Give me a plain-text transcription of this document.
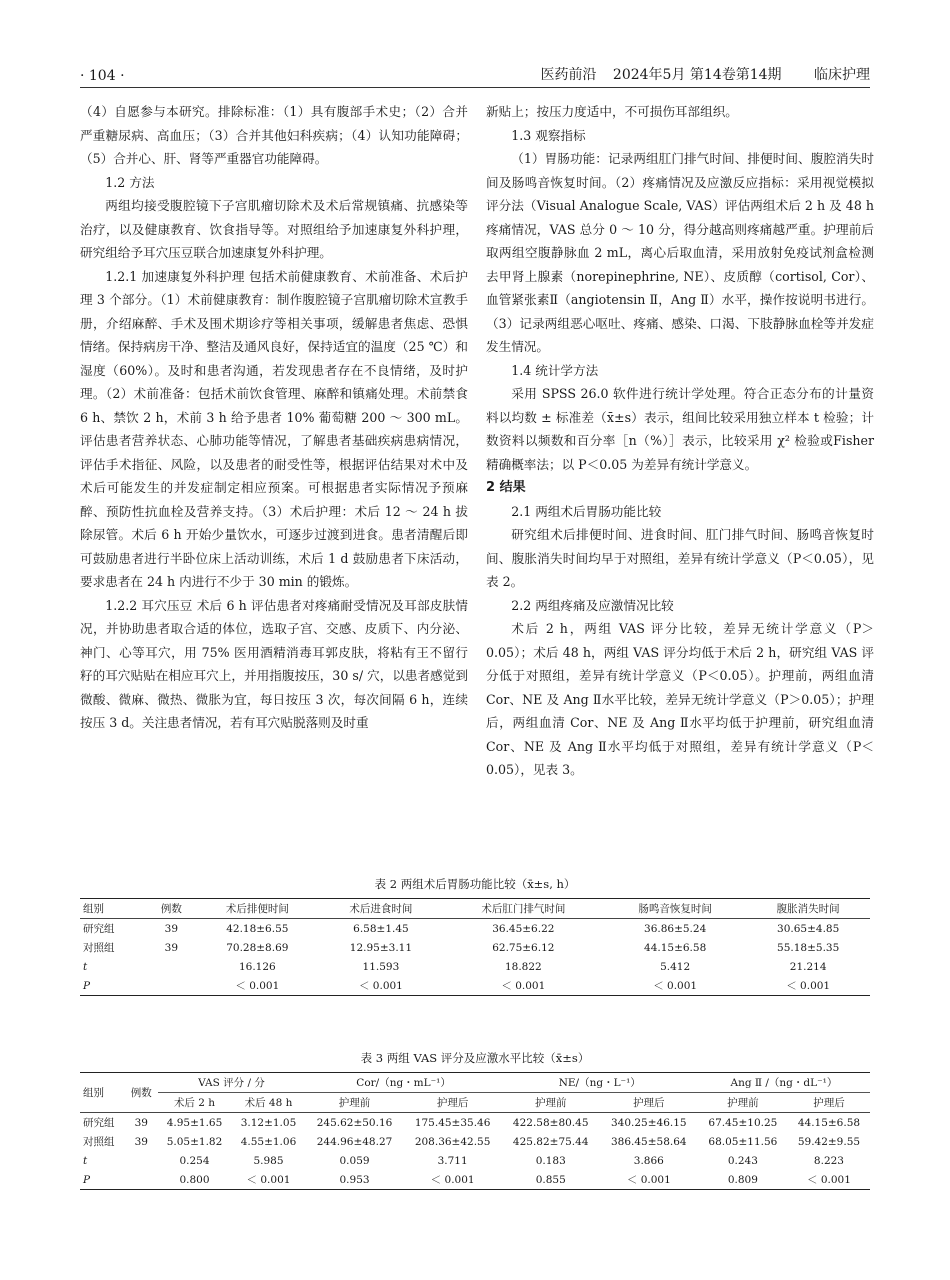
· 104 ·	医药前沿 2024年5月 第14卷第14期 临床护理

（4）自愿参与本研究。排除标准：（1）具有腹部手术史；（2）合并严重糖尿病、高血压；（3）合并其他妇科疾病；（4）认知功能障碍；（5）合并心、肝、肾等严重器官功能障碍。

1.2 方法

两组均接受腹腔镜下子宫肌瘤切除术及术后常规镇痛、抗感染等治疗，以及健康教育、饮食指导等。对照组给予加速康复外科护理，研究组给予耳穴压豆联合加速康复外科护理。

1.2.1 加速康复外科护理 包括术前健康教育、术前准备、术后护理 3 个部分。（1）术前健康教育：制作腹腔镜子宫肌瘤切除术宣教手册，介绍麻醉、手术及围术期诊疗等相关事项，缓解患者焦虑、恐惧情绪。保持病房干净、整洁及通风良好，保持适宜的温度（25 ℃）和湿度（60%）。及时和患者沟通，若发现患者存在不良情绪，及时护理。（2）术前准备：包括术前饮食管理、麻醉和镇痛处理。术前禁食 6 h、禁饮 2 h，术前 3 h 给予患者 10% 葡萄糖 200 ～ 300 mL。评估患者营养状态、心肺功能等情况，了解患者基础疾病患病情况，评估手术指征、风险，以及患者的耐受性等，根据评估结果对术中及术后可能发生的并发症制定相应预案。可根据患者实际情况予预麻醉、预防性抗血栓及营养支持。（3）术后护理：术后 12 ～ 24 h 拔除尿管。术后 6 h 开始少量饮水，可逐步过渡到进食。患者清醒后即可鼓励患者进行半卧位床上活动训练，术后 1 d 鼓励患者下床活动，要求患者在 24 h 内进行不少于 30 min 的锻炼。

1.2.2 耳穴压豆 术后 6 h 评估患者对疼痛耐受情况及耳部皮肤情况，并协助患者取合适的体位，选取子宫、交感、皮质下、内分泌、神门、心等耳穴，用 75% 医用酒精消毒耳郭皮肤，将粘有王不留行籽的耳穴贴贴在相应耳穴上，并用指腹按压，30 s/ 穴，以患者感觉到微酸、微麻、微热、微胀为宜，每日按压 3 次，每次间隔 6 h，连续按压 3 d。关注患者情况，若有耳穴贴脱落则及时重

新贴上；按压力度适中，不可损伤耳部组织。

1.3 观察指标

（1）胃肠功能：记录两组肛门排气时间、排便时间、腹腔消失时间及肠鸣音恢复时间。（2）疼痛情况及应激反应指标：采用视觉模拟评分法（Visual Analogue Scale, VAS）评估两组术后 2 h 及 48 h 疼痛情况，VAS 总分 0 ～ 10 分，得分越高则疼痛越严重。护理前后取两组空腹静脉血 2 mL，离心后取血清，采用放射免疫试剂盒检测去甲肾上腺素（norepinephrine, NE）、皮质醇（cortisol, Cor）、血管紧张素Ⅱ（angiotensin Ⅱ，Ang Ⅱ）水平，操作按说明书进行。（3）记录两组恶心呕吐、疼痛、感染、口渴、下肢静脉血栓等并发症发生情况。

1.4 统计学方法

采用 SPSS 26.0 软件进行统计学处理。符合正态分布的计量资料以均数 ± 标准差（x̄±s）表示，组间比较采用独立样本 t 检验；计数资料以频数和百分率［n（%）］表示，比较采用 χ² 检验或Fisher精确概率法；以 P＜0.05 为差异有统计学意义。

2 结果
2.1 两组术后胃肠功能比较

研究组术后排便时间、进食时间、肛门排气时间、肠鸣音恢复时间、腹胀消失时间均早于对照组，差异有统计学意义（P＜0.05），见表 2。

2.2 两组疼痛及应激情况比较

术后 2 h，两组 VAS 评分比较，差异无统计学意义（P＞0.05）；术后 48 h，两组 VAS 评分均低于术后 2 h，研究组 VAS 评分低于对照组，差异有统计学意义（P＜0.05）。护理前，两组血清 Cor、NE 及 Ang Ⅱ水平比较，差异无统计学意义（P＞0.05）；护理后，两组血清 Cor、NE 及 Ang Ⅱ水平均低于护理前，研究组血清 Cor、NE 及 Ang Ⅱ水平均低于对照组，差异有统计学意义（P＜0.05），见表 3。

表 2 两组术后胃肠功能比较（x̄±s, h）
组别	例数	术后排便时间	术后进食时间	术后肛门排气时间	肠鸣音恢复时间	腹胀消失时间
研究组	39	42.18±6.55	6.58±1.45	36.45±6.22	36.86±5.24	30.65±4.85
对照组	39	70.28±8.69	12.95±3.11	62.75±6.12	44.15±6.58	55.18±5.35
t		16.126	11.593	18.822	5.412	21.214
P		＜ 0.001	＜ 0.001	＜ 0.001	＜ 0.001	＜ 0.001
表 3 两组 VAS 评分及应激水平比较（x̄±s）
组别	例数	VAS 评分 / 分		Cor/（ng・mL⁻¹）		NE/（ng・L⁻¹）		Ang Ⅱ /（ng・dL⁻¹）	
		术后 2 h	术后 48 h	护理前	护理后	护理前	护理后	护理前	护理后
研究组	39	4.95±1.65	3.12±1.05	245.62±50.16	175.45±35.46	422.58±80.45	340.25±46.15	67.45±10.25	44.15±6.58
对照组	39	5.05±1.82	4.55±1.06	244.96±48.27	208.36±42.55	425.82±75.44	386.45±58.64	68.05±11.56	59.42±9.55
t		0.254	5.985	0.059	3.711	0.183	3.866	0.243	8.223
P		0.800	＜ 0.001	0.953	＜ 0.001	0.855	＜ 0.001	0.809	＜ 0.001
